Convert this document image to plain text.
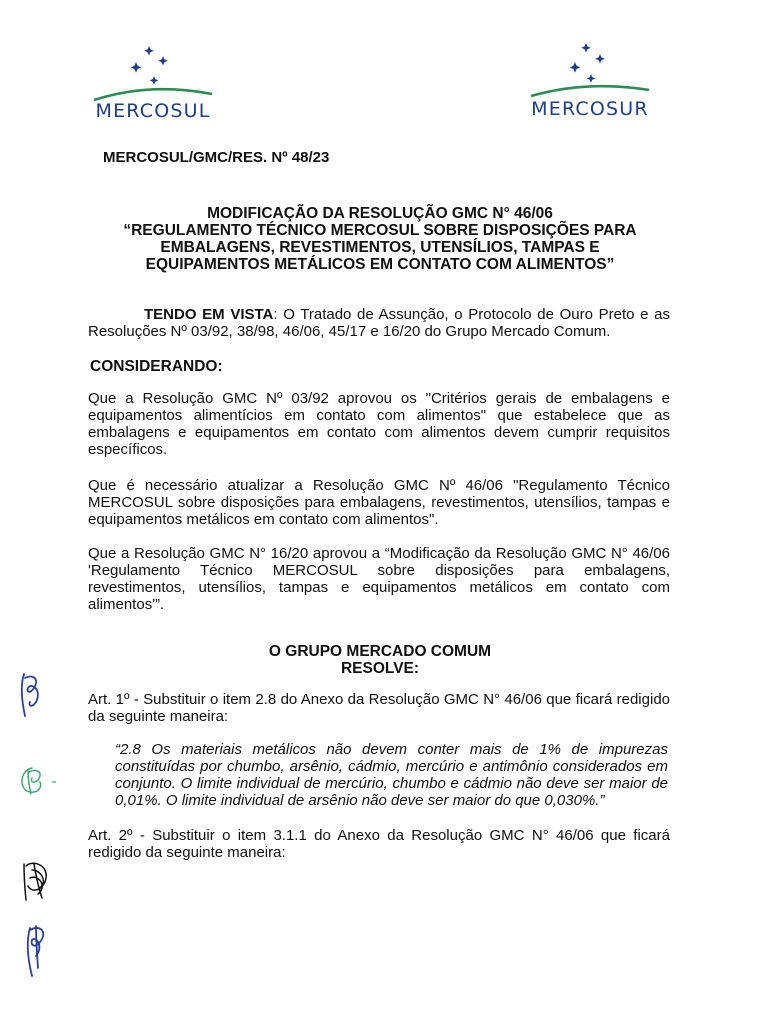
MERCOSUL	MERCOSUR
MERCOSUL/GMC/RES. Nº 48/23
MODIFICAÇÃO DA RESOLUÇÃO GMC N° 46/06
“REGULAMENTO TÉCNICO MERCOSUL SOBRE DISPOSIÇÕES PARA
EMBALAGENS, REVESTIMENTOS, UTENSÍLIOS, TAMPAS E
EQUIPAMENTOS METÁLICOS EM CONTATO COM ALIMENTOS”
TENDO EM VISTA: O Tratado de Assunção, o Protocolo de Ouro Preto e as Resoluções Nº 03/92, 38/98, 46/06, 45/17 e 16/20 do Grupo Mercado Comum.
CONSIDERANDO:
Que a Resolução GMC Nº 03/92 aprovou os "Critérios gerais de embalagens e equipamentos alimentícios em contato com alimentos" que estabelece que as embalagens e equipamentos em contato com alimentos devem cumprir requisitos específicos.
Que é necessário atualizar a Resolução GMC Nº 46/06 "Regulamento Técnico MERCOSUL sobre disposições para embalagens, revestimentos, utensílios, tampas e equipamentos metálicos em contato com alimentos".
Que a Resolução GMC N° 16/20 aprovou a “Modificação da Resolução GMC N° 46/06 'Regulamento Técnico MERCOSUL sobre disposições para embalagens, revestimentos, utensílios, tampas e equipamentos metálicos em contato com alimentos'”.
O GRUPO MERCADO COMUM
RESOLVE:
Art. 1º - Substituir o item 2.8 do Anexo da Resolução GMC N° 46/06 que ficará redigido da seguinte maneira:
“2.8 Os materiais metálicos não devem conter mais de 1% de impurezas constituídas por chumbo, arsênio, cádmio, mercúrio e antimônio considerados em conjunto. O limite individual de mercúrio, chumbo e cádmio não deve ser maior de 0,01%. O limite individual de arsênio não deve ser maior do que 0,030%.”
Art. 2º - Substituir o item 3.1.1 do Anexo da Resolução GMC N° 46/06 que ficará redigido da seguinte maneira:
